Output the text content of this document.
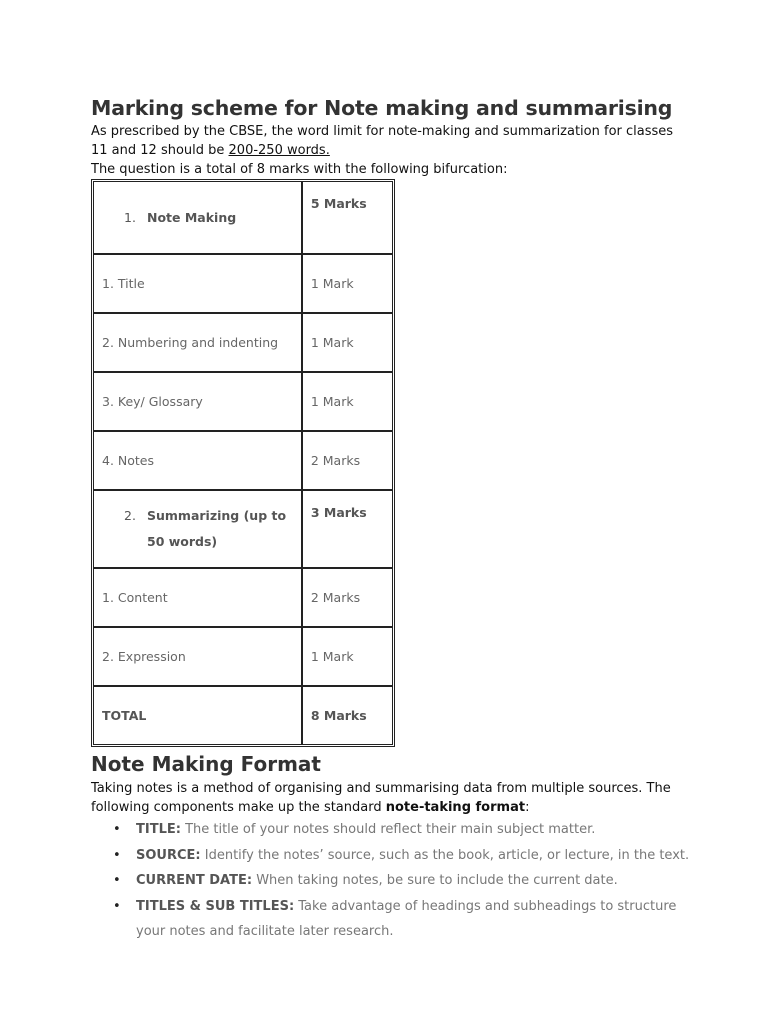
Marking scheme for Note making and summarising

As prescribed by the CBSE, the word limit for note-making and summarization for classes 11 and 12 should be 200-250 words.
The question is a total of 8 marks with the following bifurcation:

1. Note Making	5 Marks
1. Title	1 Mark
2. Numbering and indenting	1 Mark
3. Key/ Glossary	1 Mark
4. Notes	2 Marks

2. Summarizing (up to 50 words)	3 Marks
1. Content	2 Marks
2. Expression	1 Mark
TOTAL	8 Marks
Note Making Format

Taking notes is a method of organising and summarising data from multiple sources. The following components make up the standard note-taking format:

• TITLE: The title of your notes should reflect their main subject matter.
• SOURCE: Identify the notes’ source, such as the book, article, or lecture, in the text.
• CURRENT DATE: When taking notes, be sure to include the current date.
• TITLES & SUB TITLES: Take advantage of headings and subheadings to structure your notes and facilitate later research.
